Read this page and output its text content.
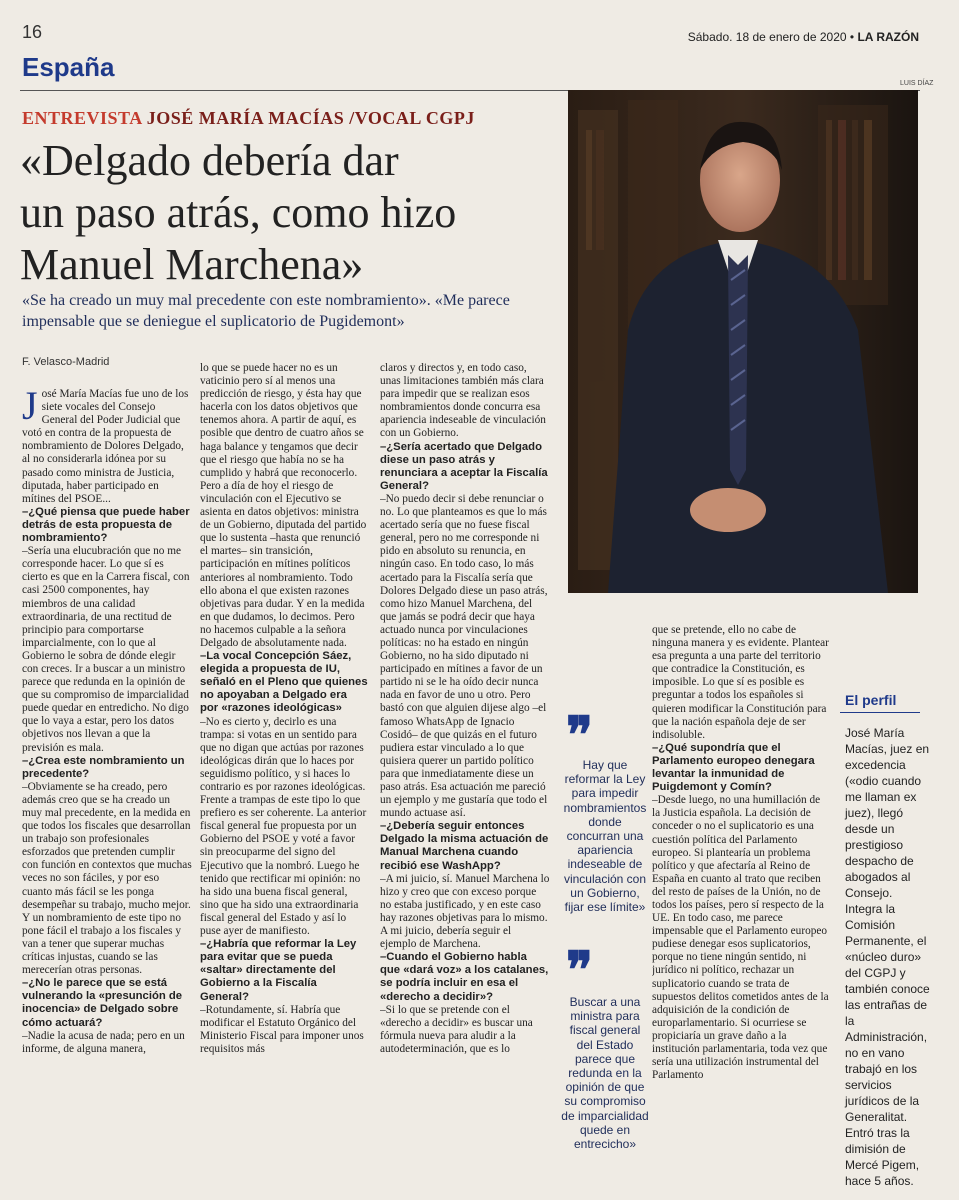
16	Sábado. 18 de enero de 2020 • LA RAZÓN
España
LUIS DÍAZ
ENTREVISTA JOSÉ MARÍA MACÍAS /VOCAL CGPJ
«Delgado debería dar
un paso atrás, como hizo
Manuel Marchena»
«Se ha creado un muy mal precedente con este nombramiento». «Me parece impensable que se deniegue el suplicatorio de Pugidemont»
F. Velasco-Madrid
J osé María Macías fue uno de los siete vocales del Consejo General del Poder Judicial que votó en contra de la propuesta de nombramiento de Dolores Delgado, al no considerarla idónea por su pasado como ministra de Justicia, diputada, haber participado en mítines del PSOE...

–¿Qué piensa que puede haber detrás de esta propuesta de nombramiento?

–Sería una elucubración que no me corresponde hacer. Lo que sí es cierto es que en la Carrera fiscal, con casi 2500 componentes, hay miembros de una calidad extraordinaria, de una rectitud de principio para comportarse imparcialmente, con lo que al Gobierno le sobra de dónde elegir con creces. Ir a buscar a un ministro parece que redunda en la opinión de que su compromiso de imparcialidad puede quedar en entredicho. No digo que lo vaya a estar, pero los datos objetivos nos llevan a que la previsión es mala.

–¿Crea este nombramiento un precedente?

–Obviamente se ha creado, pero además creo que se ha creado un muy mal precedente, en la medida en que todos los fiscales que desarrollan un trabajo son profesionales esforzados que pretenden cumplir con función en contextos que muchas veces no son fáciles, y por eso cuanto más fácil se les ponga desempeñar su trabajo, mucho mejor. Y un nombramiento de este tipo no pone fácil el trabajo a los fiscales y van a tener que superar muchas críticas injustas, cuando se las merecerían otras personas.

–¿No le parece que se está vulnerando la «presunción de inocencia» de Delgado sobre cómo actuará?

–Nadie la acusa de nada; pero en un informe, de alguna manera,

lo que se puede hacer no es un vaticinio pero sí al menos una predicción de riesgo, y ésta hay que hacerla con los datos objetivos que tenemos ahora. A partir de aquí, es posible que dentro de cuatro años se haga balance y tengamos que decir que el riesgo que había no se ha cumplido y habrá que reconocerlo. Pero a día de hoy el riesgo de vinculación con el Ejecutivo se asienta en datos objetivos: ministra de un Gobierno, diputada del partido que lo sustenta –hasta que renunció el martes– sin transición, participación en mítines políticos anteriores al nombramiento. Todo ello abona el que existen razones objetivas para dudar. Y en la medida en que dudamos, lo decimos. Pero no hacemos culpable a la señora Delgado de absolutamente nada.

–La vocal Concepción Sáez, elegida a propuesta de IU, señaló en el Pleno que quienes no apoyaban a Delgado era por «razones ideológicas»

–No es cierto y, decirlo es una trampa: si votas en un sentido para que no digan que actúas por razones ideológicas dirán que lo haces por seguidismo político, y si haces lo contrario es por razones ideológicas. Frente a trampas de este tipo lo que prefiero es ser coherente. La anterior fiscal general fue propuesta por un Gobierno del PSOE y voté a favor sin preocuparme del signo del Ejecutivo que la nombró. Luego he tenido que rectificar mi opinión: no ha sido una buena fiscal general, sino que ha sido una extraordinaria fiscal general del Estado y así lo puse ayer de manifiesto.

–¿Habría que reformar la Ley para evitar que se pueda «saltar» directamente del Gobierno a la Fiscalía General?

–Rotundamente, sí. Habría que modificar el Estatuto Orgánico del Ministerio Fiscal para imponer unos requisitos más

claros y directos y, en todo caso, unas limitaciones también más clara para impedir que se realizan esos nombramientos donde concurra esa apariencia indeseable de vinculación con un Gobierno.

–¿Sería acertado que Delgado diese un paso atrás y renunciara a aceptar la Fiscalía General?

–No puedo decir si debe renunciar o no. Lo que planteamos es que lo más acertado sería que no fuese fiscal general, pero no me corresponde ni pido en absoluto su renuncia, en ningún caso. En todo caso, lo más acertado para la Fiscalía sería que Dolores Delgado diese un paso atrás, como hizo Manuel Marchena, del que jamás se podrá decir que haya actuado nunca por vinculaciones políticas: no ha estado en ningún Gobierno, no ha sido diputado ni participado en mítines a favor de un partido ni se le ha oído decir nunca nada en favor de uno u otro. Pero bastó con que alguien dijese algo –el famoso WhatsApp de Ignacio Cosidó– de que quizás en el futuro pudiera estar vinculado a lo que quisiera querer un partido político para que inmediatamente diese un paso atrás. Esa actuación me pareció un ejemplo y me gustaría que todo el mundo actuase así.

–¿Debería seguir entonces Delgado la misma actuación de Manual Marchena cuando recibió ese WashApp?

–A mi juicio, sí. Manuel Marchena lo hizo y creo que con exceso porque no estaba justificado, y en este caso hay razones objetivas para lo mismo. A mi juicio, debería seguir el ejemplo de Marchena.

–Cuando el Gobierno habla que «dará voz» a los catalanes, se podría incluir en esa el «derecho a decidir»?

–Si lo que se pretende con el «derecho a decidir» es buscar una fórmula nueva para aludir a la autodeterminación, que es lo

❞
Hay que reformar la Ley para impedir nombramientos donde concurran una apariencia indeseable de vinculación con un Gobierno, fijar ese límite»
❞
Buscar a una ministra para fiscal general del Estado parece que redunda en la opinión de que su compromiso de imparcialidad quede en entrecicho»

que se pretende, ello no cabe de ninguna manera y es evidente. Plantear esa pregunta a una parte del territorio que contradice la Constitución, es imposible. Lo que sí es posible es preguntar a todos los españoles si quieren modificar la Constitución para que la nación española deje de ser indisoluble.

–¿Qué supondría que el Parlamento europeo denegara levantar la inmunidad de Puigdemont y Comín?

–Desde luego, no una humillación de la Justicia española. La decisión de conceder o no el suplicatorio es una cuestión política del Parlamento europeo. Si plantearía un problema político y que afectaría al Reino de España en cuanto al trato que reciben del resto de países de la Unión, no de todos los países, pero sí respecto de la UE. En todo caso, me parece impensable que el Parlamento europeo pudiese denegar esos suplicatorios, porque no tiene ningún sentido, ni jurídico ni político, rechazar un suplicatorio cuando se trata de supuestos delitos cometidos antes de la adquisición de la condición de europarlamentario. Si ocurriese se propiciaría un grave daño a la institución parlamentaria, toda vez que sería una utilización instrumental del Parlamento

El perfil
José María Macías, juez en excedencia («odio cuando me llaman ex juez), llegó desde un prestigioso despacho de abogados al Consejo. Integra la Comisión Permanente, el «núcleo duro» del CGPJ y también conoce las entrañas de la Administración, no en vano trabajó en los servicios jurídicos de la Generalitat. Entró tras la dimisión de Mercé Pigem, hace 5 años.
